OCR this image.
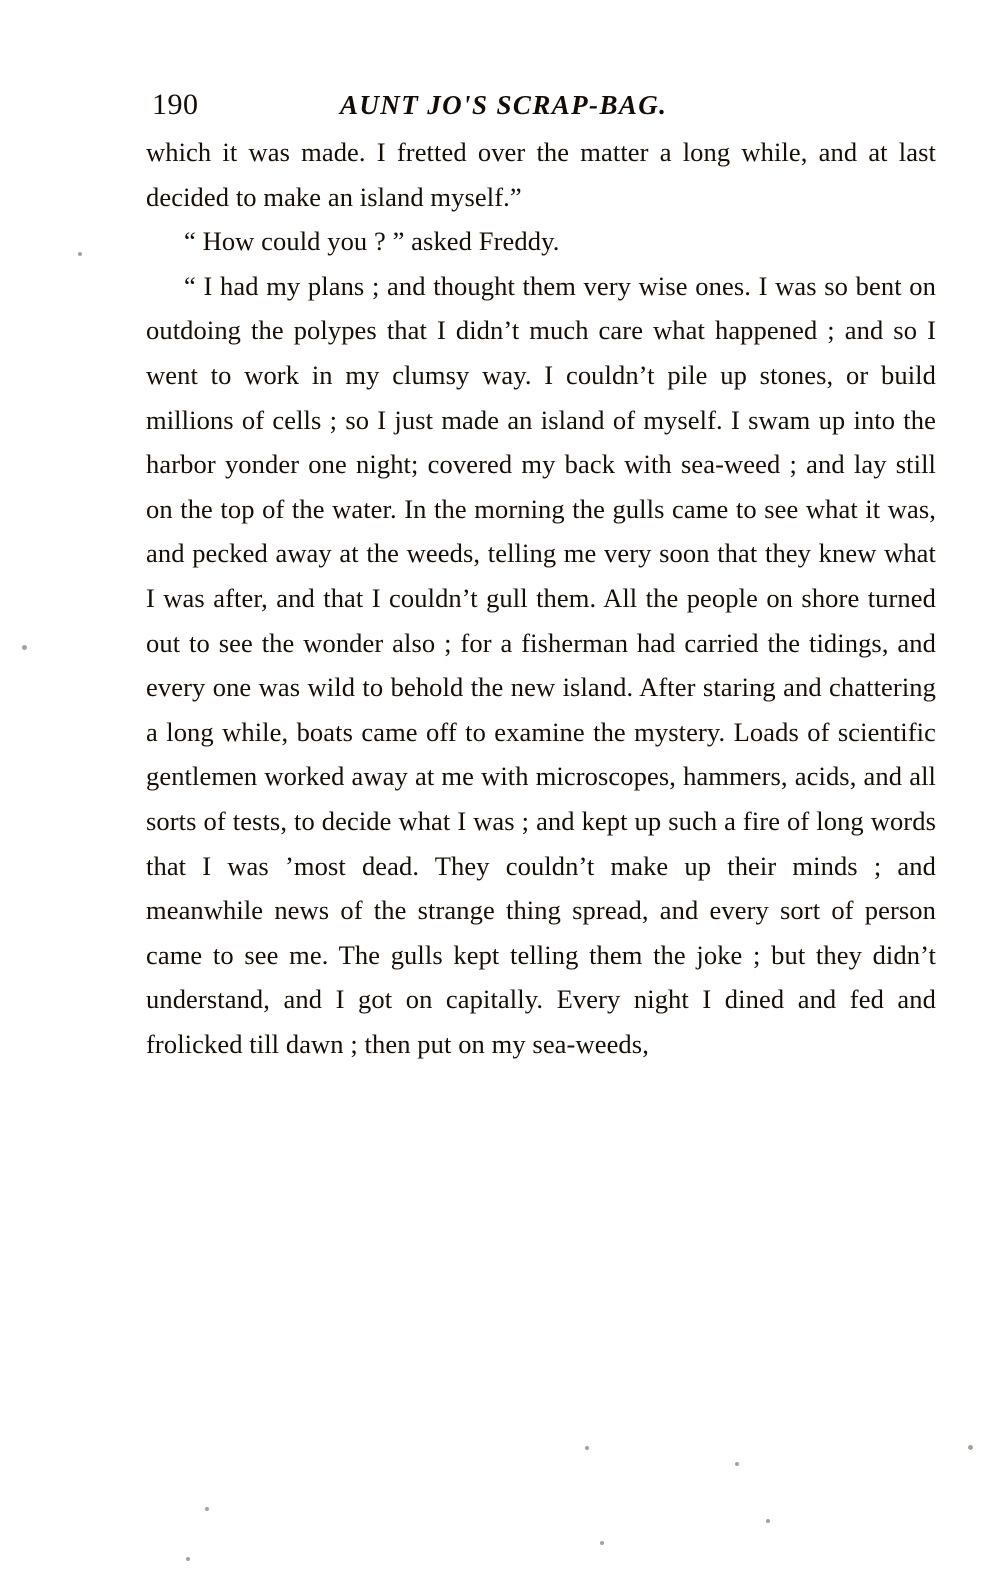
190	AUNT JO'S SCRAP-BAG.

which it was made. I fretted over the matter a long while, and at last decided to make an island myself.”

“ How could you ? ” asked Freddy.

“ I had my plans ; and thought them very wise ones. I was so bent on outdoing the polypes that I didn’t much care what happened ; and so I went to work in my clumsy way. I couldn’t pile up stones, or build millions of cells ; so I just made an island of myself. I swam up into the harbor yonder one night; covered my back with sea-weed ; and lay still on the top of the water. In the morning the gulls came to see what it was, and pecked away at the weeds, telling me very soon that they knew what I was after, and that I couldn’t gull them. All the people on shore turned out to see the wonder also ; for a fisherman had carried the tidings, and every one was wild to behold the new island. After staring and chattering a long while, boats came off to examine the mystery. Loads of scientific gentlemen worked away at me with microscopes, hammers, acids, and all sorts of tests, to decide what I was ; and kept up such a fire of long words that I was ’most dead. They couldn’t make up their minds ; and meanwhile news of the strange thing spread, and every sort of person came to see me. The gulls kept telling them the joke ; but they didn’t understand, and I got on capitally. Every night I dined and fed and frolicked till dawn ; then put on my sea-weeds,
